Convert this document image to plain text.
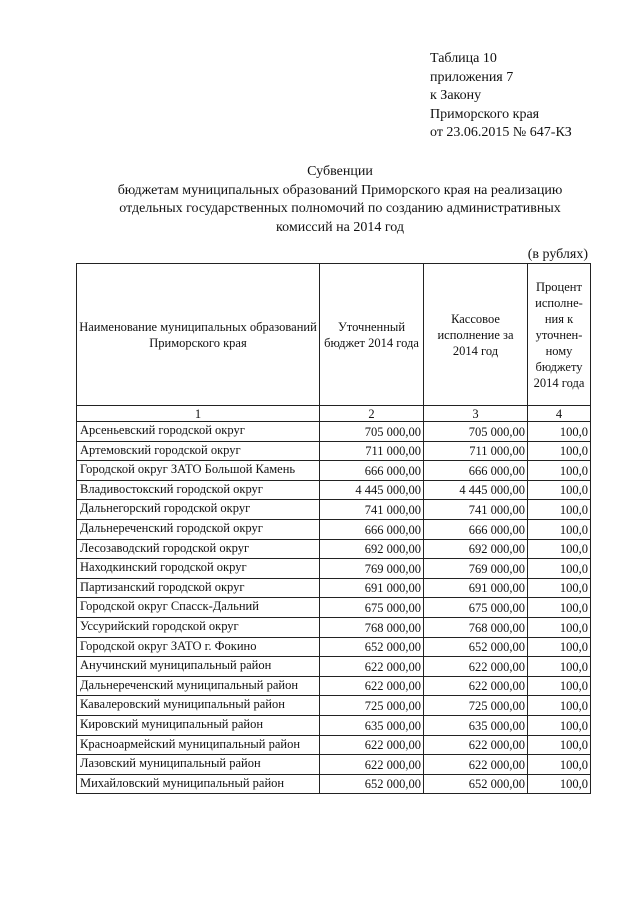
Таблица 10
приложения 7
к Закону
Приморского края
от 23.06.2015 № 647-КЗ
Субвенции
бюджетам муниципальных образований Приморского края на реализацию
отдельных государственных полномочий по созданию административных
комиссий на 2014 год
(в рублях)
Наименование муниципальных образований Приморского края	Уточненный бюджет 2014 года	Кассовое исполнение за 2014 год	Процент исполне-ния к уточнен-ному бюджету 2014 года
1	2	3	4
Арсеньевский городской округ	705 000,00	705 000,00	100,0
Артемовский городской округ	711 000,00	711 000,00	100,0
Городской округ ЗАТО Большой Камень	666 000,00	666 000,00	100,0
Владивостокский городской округ	4 445 000,00	4 445 000,00	100,0
Дальнегорский городской округ	741 000,00	741 000,00	100,0
Дальнереченский городской округ	666 000,00	666 000,00	100,0
Лесозаводский городской округ	692 000,00	692 000,00	100,0
Находкинский городской округ	769 000,00	769 000,00	100,0
Партизанский городской округ	691 000,00	691 000,00	100,0
Городской округ Спасск-Дальний	675 000,00	675 000,00	100,0
Уссурийский городской округ	768 000,00	768 000,00	100,0
Городской округ ЗАТО г. Фокино	652 000,00	652 000,00	100,0
Анучинский муниципальный район	622 000,00	622 000,00	100,0
Дальнереченский муниципальный район	622 000,00	622 000,00	100,0
Кавалеровский муниципальный район	725 000,00	725 000,00	100,0
Кировский муниципальный район	635 000,00	635 000,00	100,0
Красноармейский муниципальный район	622 000,00	622 000,00	100,0
Лазовский муниципальный район	622 000,00	622 000,00	100,0
Михайловский муниципальный район	652 000,00	652 000,00	100,0
